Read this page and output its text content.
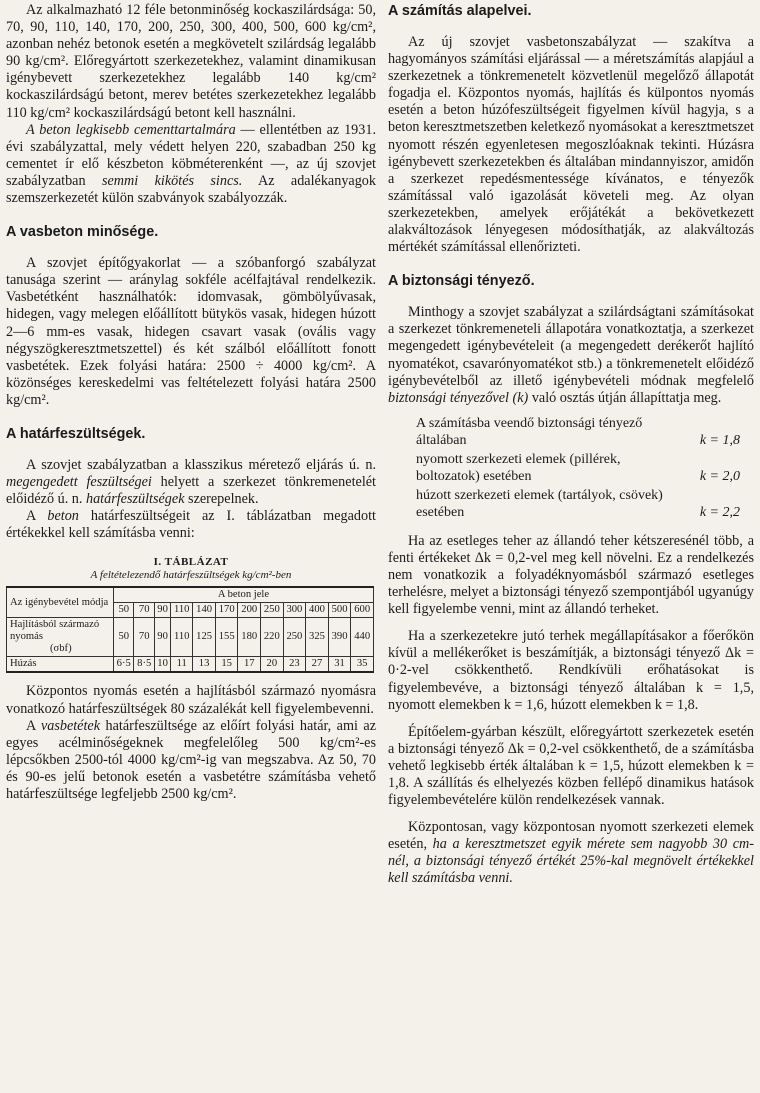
Az alkalmazható 12 féle betonminőség kockaszilárdsága: 50, 70, 90, 110, 140, 170, 200, 250, 300, 400, 500, 600 kg/cm², azonban nehéz betonok esetén a megkövetelt szilárdság legalább 90 kg/cm². Előregyártott szerkezetekhez, valamint dinamikusan igénybevett szerkezetekhez legalább 140 kg/cm² kockaszilárdságú betont, merev betétes szerkezetekhez legalább 110 kg/cm² kockaszilárdságú betont kell használni.

A beton legkisebb cementtartalmára — ellentétben az 1931. évi szabályzattal, mely védett helyen 220, szabadban 250 kg cementet ír elő készbeton köbméterenként —, az új szovjet szabályzatban semmi kikötés sincs. Az adalékanyagok szemszerkezetét külön szabványok szabályozzák.

A vasbeton minősége.

A szovjet építőgyakorlat — a szóbanforgó szabályzat tanusága szerint — aránylag sokféle acélfajtával rendelkezik. Vasbetétként használhatók: idomvasak, gömbölyűvasak, hidegen, vagy melegen előállított bütykös vasak, hidegen húzott 2—6 mm-es vasak, hidegen csavart vasak (ovális vagy négyszögkeresztmetszettel) és két szálból előállított fonott vasbetétek. Ezek folyási határa: 2500 ÷ 4000 kg/cm². A közönséges kereskedelmi vas feltételezett folyási határa 2500 kg/cm².

A határfeszültségek.

A szovjet szabályzatban a klasszikus méretező eljárás ú. n. megengedett feszültségei helyett a szerkezet tönkremenetelét előidéző ú. n. határfeszültségek szerepelnek.

A beton határfeszültségeit az I. táblázatban megadott értékekkel kell számításba venni:

I. TÁBLÁZAT
A feltételezendő határfeszültségek kg/cm²-ben
Az igénybevétel módja	A beton jele											
	50	70	90	110	140	170	200	250	300	400	500	600
Hajlításból származó nyomás
(σbf)	50	70	90	110	125	155	180	220	250	325	390	440
Húzás	6·5	8·5	10	11	13	15	17	20	23	27	31	35

Központos nyomás esetén a hajlításból származó nyomásra vonatkozó határfeszültségek 80 százalékát kell figyelembevenni.

A vasbetétek határfeszültsége az előírt folyási határ, ami az egyes acélminőségeknek megfelelőleg 500 kg/cm²-es lépcsőkben 2500-tól 4000 kg/cm²-ig van megszabva. Az 50, 70 és 90-es jelű betonok esetén a vasbetétre számításba vehető határfeszültsége legfeljebb 2500 kg/cm².

A számítás alapelvei.

Az új szovjet vasbetonszabályzat — szakítva a hagyományos számítási eljárással — a méretszámítás alapjául a szerkezetnek a tönkremenetelt közvetlenül megelőző állapotát fogadja el. Központos nyomás, hajlítás és külpontos nyomás esetén a beton húzófeszültségeit figyelmen kívül hagyja, s a beton keresztmetszetben keletkező nyomásokat a keresztmetszet nyomott részén egyenletesen megoszlóaknak tekinti. Húzásra igénybevett szerkezetekben és általában mindannyiszor, amidőn a szerkezet repedésmentessége kívánatos, e tényezők számítással való igazolását követeli meg. Az olyan szerkezetekben, amelyek erőjátékát a bekövetkezett alakváltozások lényegesen módosíthatják, az alakváltozás mértékét számítással ellenőrizteti.

A biztonsági tényező.

Minthogy a szovjet szabályzat a szilárdságtani számításokat a szerkezet tönkremeneteli állapotára vonatkoztatja, a szerkezet megengedett igénybevételeit (a megengedett derékerőt hajlító nyomatékot, csavarónyomatékot stb.) a tönkremenetelt előidéző igénybevételből az illető igénybevételi módnak megfelelő biztonsági tényezővel (k) való osztás útján állapíttatja meg.

A számításba veendő biztonsági tényező általában	k = 1,8
nyomott szerkezeti elemek (pillérek, boltozatok) esetében	k = 2,0
húzott szerkezeti elemek (tartályok, csövek) esetében	k = 2,2

Ha az esetleges teher az állandó teher kétszeresénél több, a fenti értékeket Δk = 0,2-vel meg kell növelni. Ez a rendelkezés nem vonatkozik a folyadéknyomásból származó esetleges terhelésre, melyet a biztonsági tényező szempontjából ugyanúgy kell figyelembe venni, mint az állandó terheket.

Ha a szerkezetekre jutó terhek megállapításakor a főerőkön kívül a mellékerőket is beszámítják, a biztonsági tényező Δk = 0·2-vel csökkenthető. Rendkívüli erőhatásokat is figyelembevéve, a biztonsági tényező általában k = 1,5, nyomott elemekben k = 1,6, húzott elemekben k = 1,8.

Építőelem-gyárban készült, előregyártott szerkezetek esetén a biztonsági tényező Δk = 0,2-vel csökkenthető, de a számításba vehető legkisebb érték általában k = 1,5, húzott elemekben k = 1,8. A szállítás és elhelyezés közben fellépő dinamikus hatások figyelembevételére külön rendelkezések vannak.

Központosan, vagy központosan nyomott szerkezeti elemek esetén, ha a keresztmetszet egyik mérete sem nagyobb 30 cm-nél, a biztonsági tényező értékét 25%-kal megnövelt értékekkel kell számításba venni.
